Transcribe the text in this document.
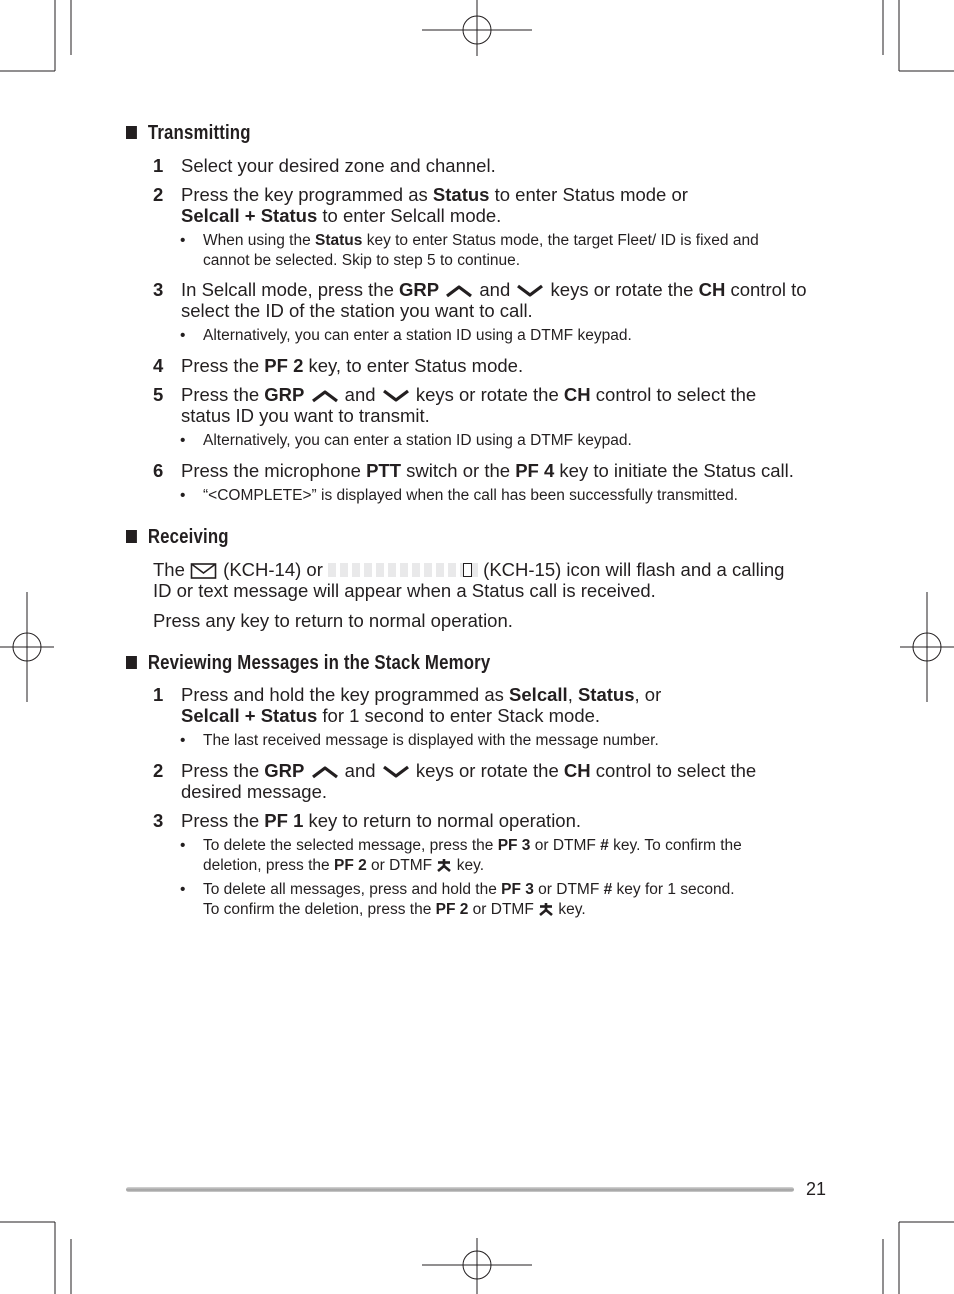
Transmitting
1 Select your desired zone and channel.
2 Press the key programmed as Status to enter Status mode or
Selcall + Status to enter Selcall mode.
• When using the Status key to enter Status mode, the target Fleet/ ID is fixed and
cannot be selected. Skip to step 5 to continue.
3 In Selcall mode, press the GRP  and  keys or rotate the CH control to
select the ID of the station you want to call.
• Alternatively, you can enter a station ID using a DTMF keypad.
4 Press the PF 2 key, to enter Status mode.
5 Press the GRP  and  keys or rotate the CH control to select the
status ID you want to transmit.
• Alternatively, you can enter a station ID using a DTMF keypad.
6 Press the microphone PTT switch or the PF 4 key to initiate the Status call.
• “<COMPLETE>” is displayed when the call has been successfully transmitted.
Receiving
The  (KCH-14) or	(KCH-15) icon will flash and a calling
ID or text message will appear when a Status call is received.
Press any key to return to normal operation.
Reviewing Messages in the Stack Memory
1 Press and hold the key programmed as Selcall, Status, or
Selcall + Status for 1 second to enter Stack mode.
• The last received message is displayed with the message number.
2 Press the GRP  and  keys or rotate the CH control to select the
desired message.
3 Press the PF 1 key to return to normal operation.
• To delete the selected message, press the PF 3 or DTMF # key. To confirm the
deletion, press the PF 2 or DTMF  key.
• To delete all messages, press and hold the PF 3 or DTMF # key for 1 second.
To confirm the deletion, press the PF 2 or DTMF  key.
21
